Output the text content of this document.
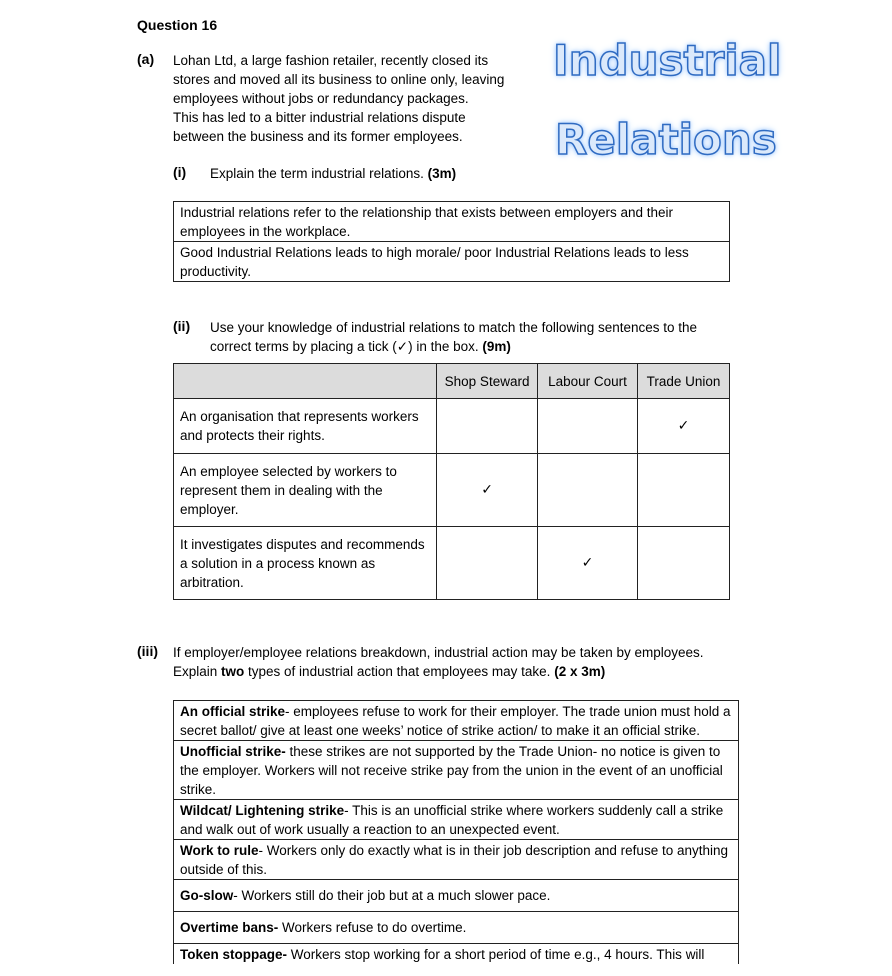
Question 16
(a) Lohan Ltd, a large fashion retailer, recently closed its
stores and moved all its business to online only, leaving
employees without jobs or redundancy packages.
This has led to a bitter industrial relations dispute
between the business and its former employees.
Industrial
Relations
(i) Explain the term industrial relations. (3m)
Industrial relations refer to the relationship that exists between employers and their employees in the workplace.
Good Industrial Relations leads to high morale/ poor Industrial Relations leads to less productivity.
(ii) Use your knowledge of industrial relations to match the following sentences to the
correct terms by placing a tick (✓) in the box. (9m)
	Shop Steward	Labour Court	Trade Union
An organisation that represents workers and protects their rights.			✓
An employee selected by workers to represent them in dealing with the employer.	✓		
It investigates disputes and recommends a solution in a process known as arbitration.		✓	
(iii) If employer/employee relations breakdown, industrial action may be taken by employees.
Explain two types of industrial action that employees may take. (2 x 3m)
An official strike- employees refuse to work for their employer. The trade union must hold a secret ballot/ give at least one weeks’ notice of strike action/ to make it an official strike.
Unofficial strike- these strikes are not supported by the Trade Union- no notice is given to the employer. Workers will not receive strike pay from the union in the event of an unofficial strike.
Wildcat/ Lightening strike- This is an unofficial strike where workers suddenly call a strike and walk out of work usually a reaction to an unexpected event.
Work to rule- Workers only do exactly what is in their job description and refuse to anything outside of this.
Go-slow- Workers still do their job but at a much slower pace.
Overtime bans- Workers refuse to do overtime.
Token stoppage- Workers stop working for a short period of time e.g., 4 hours. This will
